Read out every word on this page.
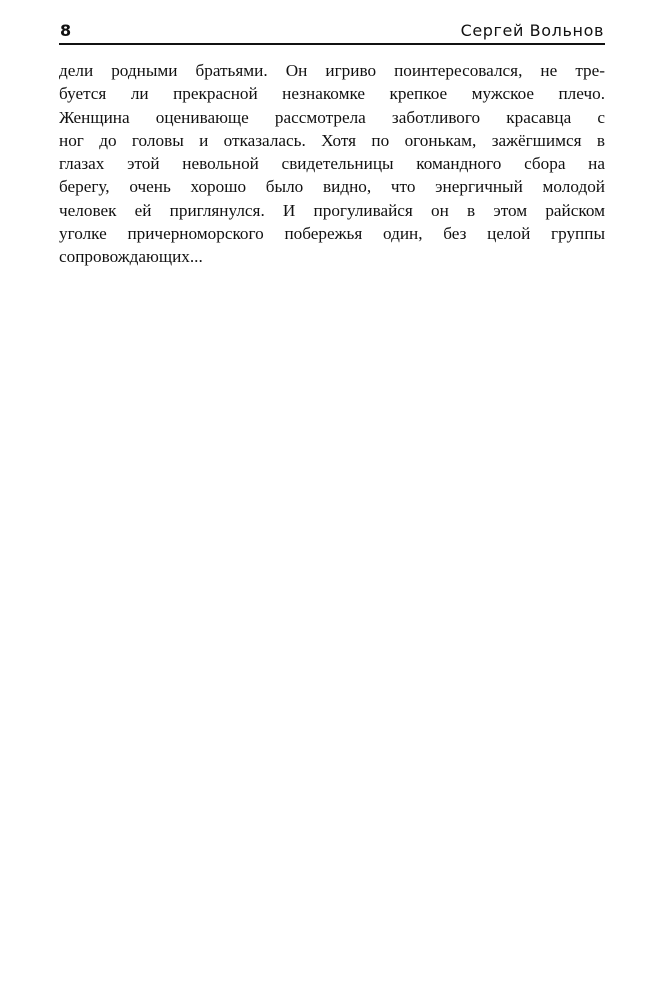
8	Сергей Вольнов
дели родными братьями. Он игриво поинтересовался, не тре-
буется ли прекрасной незнакомке крепкое мужское плечо.
Женщина оценивающе рассмотрела заботливого красавца с
ног до головы и отказалась. Хотя по огонькам, зажёгшимся в
глазах этой невольной свидетельницы командного сбора на
берегу, очень хорошо было видно, что энергичный молодой
человек ей приглянулся. И прогуливайся он в этом райском
уголке причерноморского побережья один, без целой группы
сопровождающих...
